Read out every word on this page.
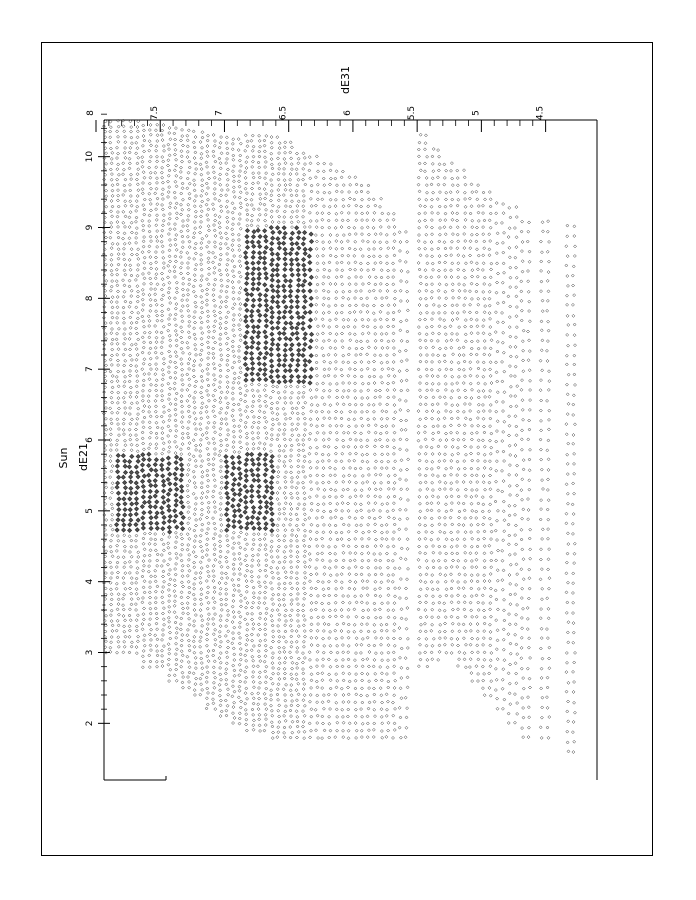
Sun dE21
dE31
2
3
4
5
6
7
8
9
10
4.5
5
5.5
6
6.5
7
7.5
8
